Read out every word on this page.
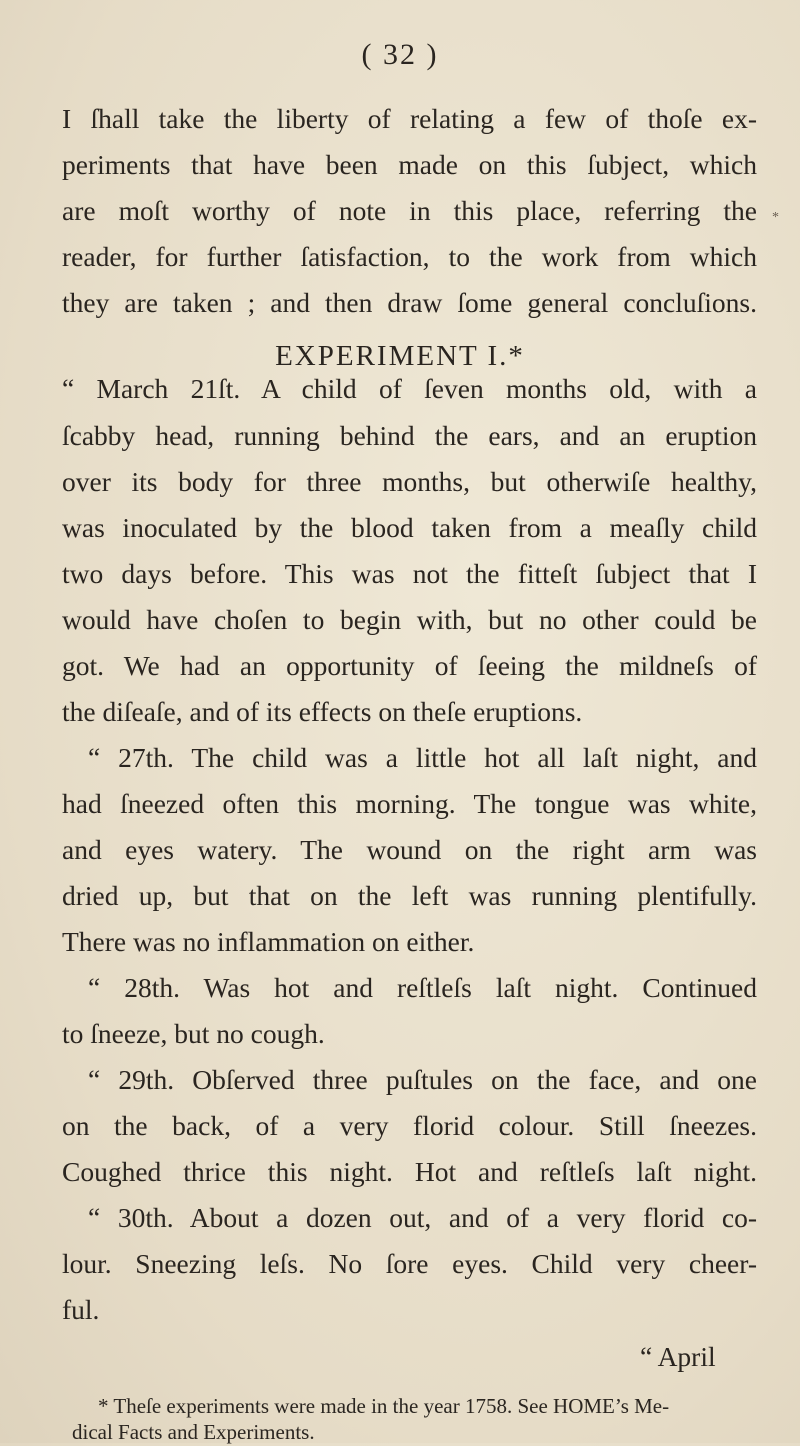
( 32 )
*
I ſhall take the liberty of relating a few of thoſe ex-
periments that have been made on this ſubject, which
are moſt worthy of note in this place, referring the
reader, for further ſatisfaction, to the work from which
EXPERIMENT I.*
“ March 21ſt. A child of ſeven months old, with a
ſcabby head, running behind the ears, and an eruption
over its body for three months, but otherwiſe healthy,
was inoculated by the blood taken from a meaſly child
two days before. This was not the fitteſt ſubject that I
would have choſen to begin with, but no other could be
got. We had an opportunity of ſeeing the mildneſs of
the diſeaſe, and of its effects on theſe eruptions.
“ 27th. The child was a little hot all laſt night, and
had ſneezed often this morning. The tongue was white,
and eyes watery. The wound on the right arm was
dried up, but that on the left was running plentifully.
There was no inflammation on either.
“ 28th. Was hot and reſtleſs laſt night. Continued
to ſneeze, but no cough.
“ 29th. Obſerved three puſtules on the face, and one
on the back, of a very florid colour. Still ſneezes.
Coughed thrice this night. Hot and reſtleſs laſt night.
“ 30th. About a dozen out, and of a very florid co-
lour. Sneezing leſs. No ſore eyes. Child very cheer-
ful.
“ April
* Theſe experiments were made in the year 1758. See HOME’s Me-
dical Facts and Experiments.
they are taken ; and then draw ſome general concluſions.
